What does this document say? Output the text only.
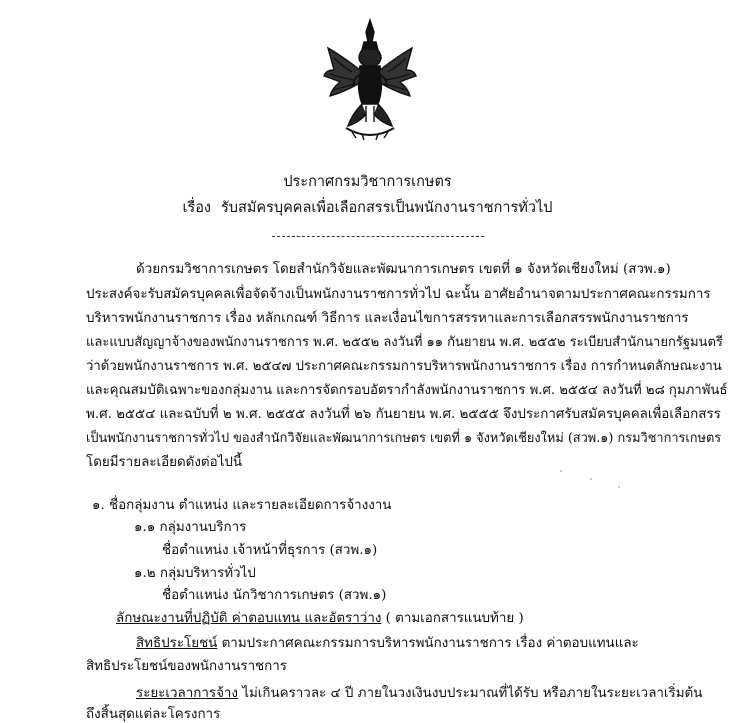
ประกาศกรมวิชาการเกษตร
เรื่อง รับสมัครบุคคลเพื่อเลือกสรรเป็นพนักงานราชการทั่วไป
ด้วยกรมวิชาการเกษตร โดยสำนักวิจัยและพัฒนาการเกษตร เขตที่ ๑ จังหวัดเชียงใหม่ (สวพ.๑)
ประสงค์จะรับสมัครบุคคลเพื่อจัดจ้างเป็นพนักงานราชการทั่วไป ฉะนั้น อาศัยอำนาจตามประกาศคณะกรรมการ
บริหารพนักงานราชการ เรื่อง หลักเกณฑ์ วิธีการ และเงื่อนไขการสรรหาและการเลือกสรรพนักงานราชการ
และแบบสัญญาจ้างของพนักงานราชการ พ.ศ. ๒๕๕๒ ลงวันที่ ๑๑ กันยายน พ.ศ. ๒๕๕๒ ระเบียบสำนักนายกรัฐมนตรี
ว่าด้วยพนักงานราชการ พ.ศ. ๒๕๔๗ ประกาศคณะกรรมการบริหารพนักงานราชการ เรื่อง การกำหนดลักษณะงาน
และคุณสมบัติเฉพาะของกลุ่มงาน และการจัดกรอบอัตรากำลังพนักงานราชการ พ.ศ. ๒๕๕๔ ลงวันที่ ๒๘ กุมภาพันธ์
พ.ศ. ๒๕๕๔ และฉบับที่ ๒ พ.ศ. ๒๕๕๕ ลงวันที่ ๒๖ กันยายน พ.ศ. ๒๕๕๕ จึงประกาศรับสมัครบุคคลเพื่อเลือกสรร
เป็นพนักงานราชการทั่วไป ของสำนักวิจัยและพัฒนาการเกษตร เขตที่ ๑ จังหวัดเชียงใหม่ (สวพ.๑) กรมวิชาการเกษตร
โดยมีรายละเอียดดังต่อไปนี้
๑. ชื่อกลุ่มงาน ตำแหน่ง และรายละเอียดการจ้างงาน
๑.๑ กลุ่มงานบริการ
ชื่อตำแหน่ง เจ้าหน้าที่ธุรการ (สวพ.๑)
๑.๒ กลุ่มบริหารทั่วไป
ชื่อตำแหน่ง นักวิชาการเกษตร (สวพ.๑)
ลักษณะงานที่ปฏิบัติ ค่าตอบแทน และอัตราว่าง ( ตามเอกสารแนบท้าย )
สิทธิประโยชน์ ตามประกาศคณะกรรมการบริหารพนักงานราชการ เรื่อง ค่าตอบแทนและ
สิทธิประโยชน์ของพนักงานราชการ
ระยะเวลาการจ้าง ไม่เกินคราวละ ๔ ปี ภายในวงเงินงบประมาณที่ได้รับ หรือภายในระยะเวลาเริ่มต้น
ถึงสิ้นสุดแต่ละโครงการ
